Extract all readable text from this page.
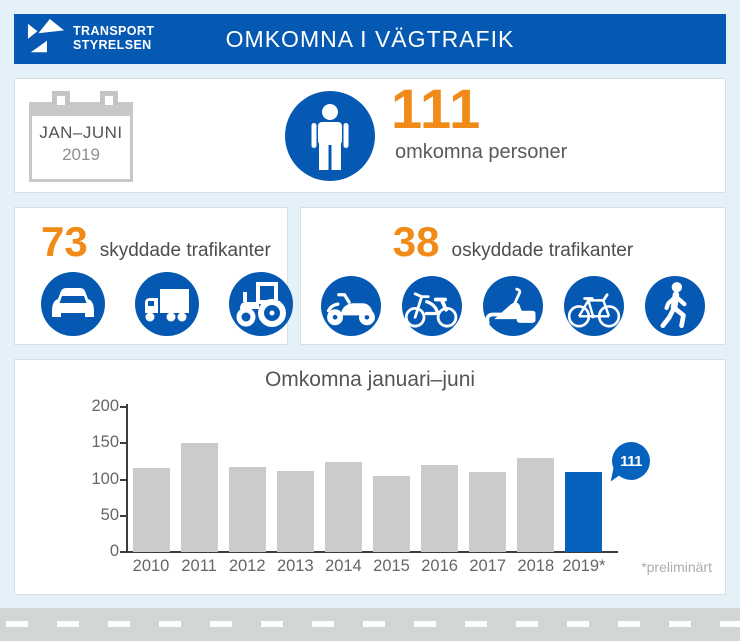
TRANSPORT
STYRELSEN	OMKOMNA I VÄGTRAFIK
JAN–JUNI
2019
111
omkomna personer
73 skyddade trafikanter	38 oskyddade trafikanter
Omkomna januari–juni
111
*preliminärt
2010 2011 2012 2013 2014 2015 2016 2017 2018 2019*
0
50
100
150
200
